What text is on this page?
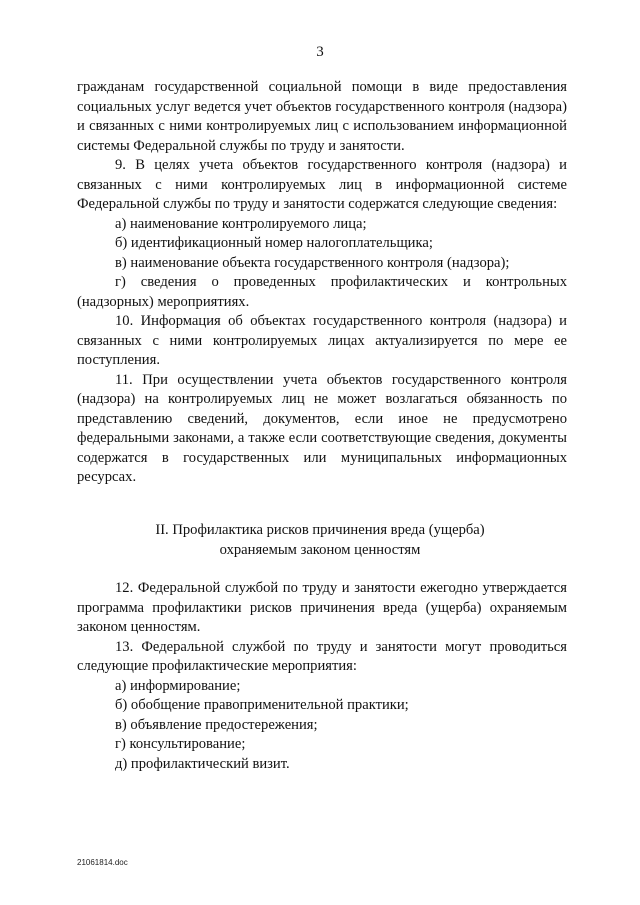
3

гражданам государственной социальной помощи в виде предоставления социальных услуг ведется учет объектов государственного контроля (надзора) и связанных с ними контролируемых лиц с использованием информационной системы Федеральной службы по труду и занятости.

9. В целях учета объектов государственного контроля (надзора) и связанных с ними контролируемых лиц в информационной системе Федеральной службы по труду и занятости содержатся следующие сведения:

а) наименование контролируемого лица;

б) идентификационный номер налогоплательщика;

в) наименование объекта государственного контроля (надзора);

г) сведения о проведенных профилактических и контрольных (надзорных) мероприятиях.

10. Информация об объектах государственного контроля (надзора) и связанных с ними контролируемых лицах актуализируется по мере ее поступления.

11. При осуществлении учета объектов государственного контроля (надзора) на контролируемых лиц не может возлагаться обязанность по представлению сведений, документов, если иное не предусмотрено федеральными законами, а также если соответствующие сведения, документы содержатся в государственных или муниципальных информационных ресурсах.

II. Профилактика рисков причинения вреда (ущерба)
охраняемым законом ценностям

12. Федеральной службой по труду и занятости ежегодно утверждается программа профилактики рисков причинения вреда (ущерба) охраняемым законом ценностям.

13. Федеральной службой по труду и занятости могут проводиться следующие профилактические мероприятия:

а) информирование;

б) обобщение правоприменительной практики;

в) объявление предостережения;

г) консультирование;

д) профилактический визит.

21061814.doc
